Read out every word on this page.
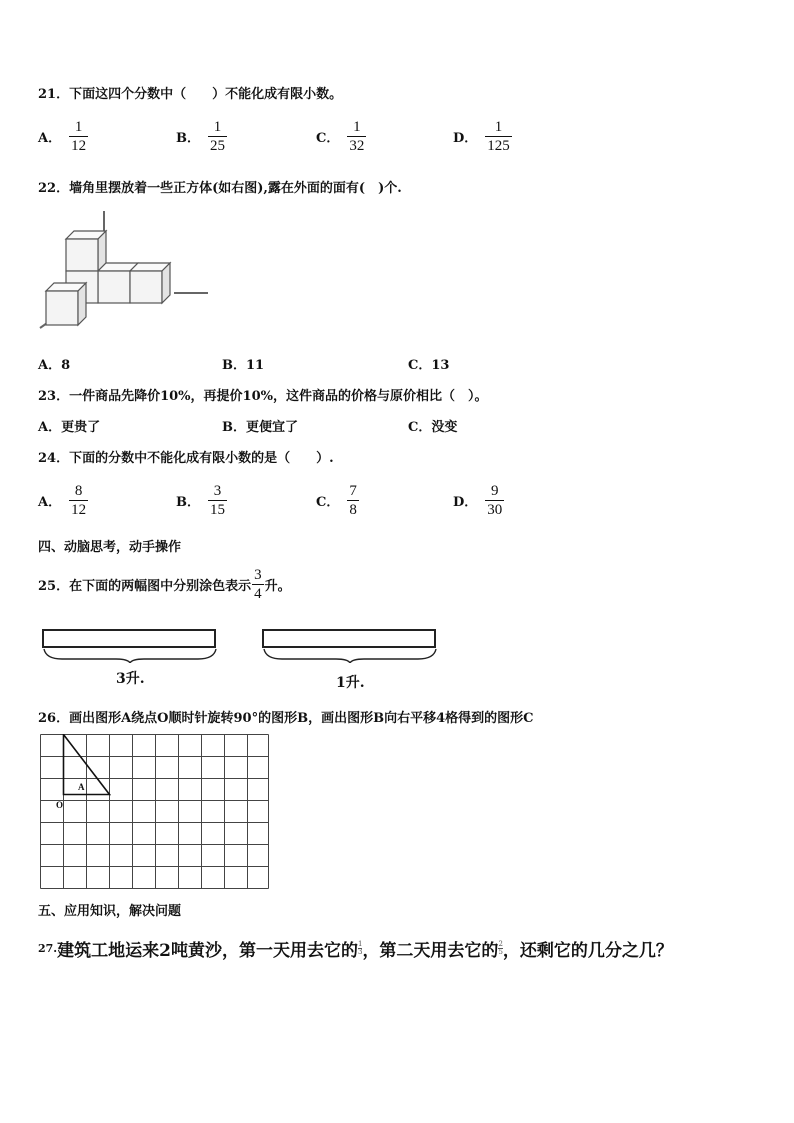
21．下面这四个分数中（　　）不能化成有限小数。
A． $\frac{1}{12}$	B． $\frac{1}{25}$	C． $\frac{1}{32}$	D． $\frac{1}{125}$
22．墙角里摆放着一些正方体(如右图),露在外面的面有(　)个.
A．8	B．11	C．13
23．一件商品先降价10%，再提价10%，这件商品的价格与原价相比（　）。
A．更贵了	B．更便宜了	C．没变
24．下面的分数中不能化成有限小数的是（　　）.
A． $\frac{8}{12}$	B． $\frac{3}{15}$	C． $\frac{7}{8}$	D． $\frac{9}{30}$
四、动脑思考，动手操作
25．在下面的两幅图中分别涂色表示 $\frac{3}{4}$ 升。
3升.	1升.
26．画出图形A绕点O顺时针旋转90°的图形B，画出图形B向右平移4格得到的图形C
A
O
五、应用知识，解决问题
27. 建筑工地运来2吨黄沙，第一天用去它的 1
3 ，第二天用去它的 2
5 ，还剩它的几分之几？
